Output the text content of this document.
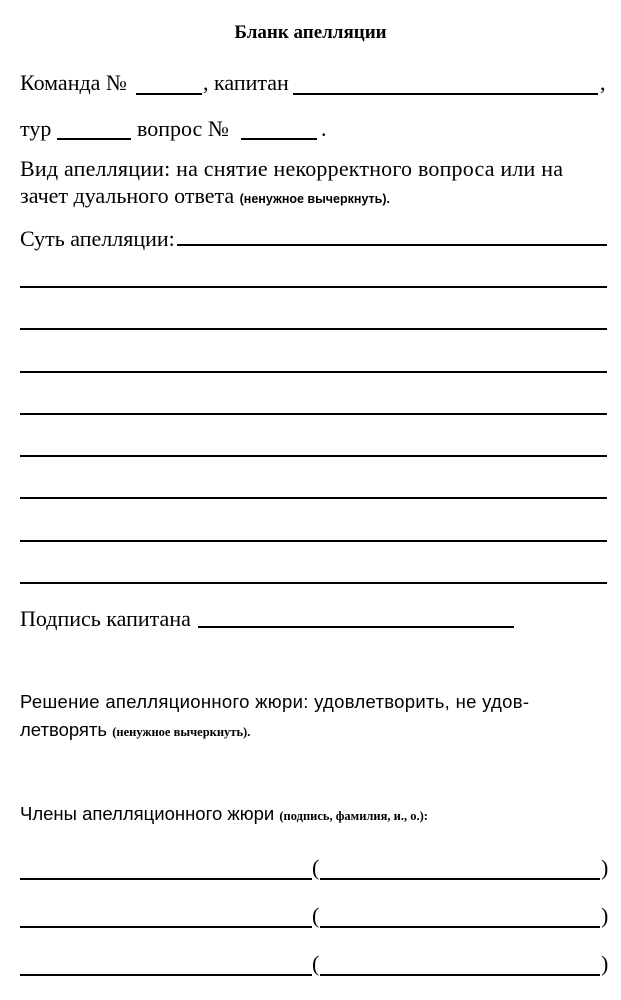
Бланк апелляции
Команда №	, капитан	,
тур	вопрос №	.
Вид апелляции: на снятие некорректного вопроса или на
зачет дуального ответа (ненужное вычеркнуть).
Суть апелляции:
Подпись капитана
Решение апелляционного жюри: удовлетворить, не удов-
летворять (ненужное вычеркнуть).
Члены апелляционного жюри (подпись, фамилия, и., о.):
(	)
(	)
(	)
